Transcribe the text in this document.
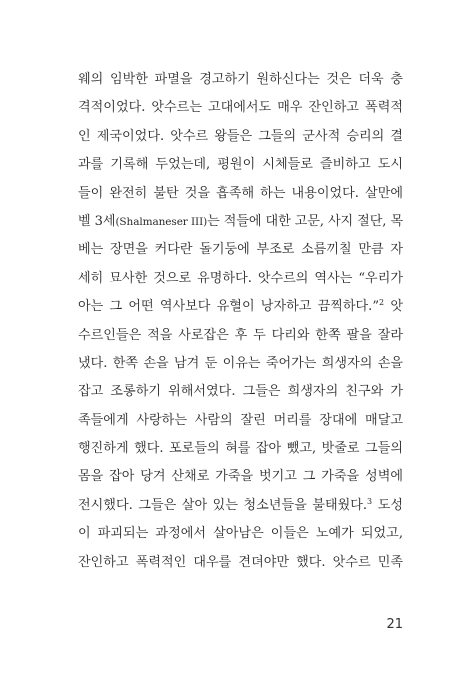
웨의 임박한 파멸을 경고하기 원하신다는 것은 더욱 충
격적이었다. 앗수르는 고대에서도 매우 잔인하고 폭력적
인 제국이었다. 앗수르 왕들은 그들의 군사적 승리의 결
과를 기록해 두었는데, 평원이 시체들로 즐비하고 도시
들이 완전히 불탄 것을 흡족해 하는 내용이었다. 살만에
벨 3세(Shalmaneser III)는 적들에 대한 고문, 사지 절단, 목
베는 장면을 커다란 돌기둥에 부조로 소름끼칠 만큼 자
세히 묘사한 것으로 유명하다. 앗수르의 역사는 “우리가
아는 그 어떤 역사보다 유혈이 낭자하고 끔찍하다.”$^2$ 앗
수르인들은 적을 사로잡은 후 두 다리와 한쪽 팔을 잘라
냈다. 한쪽 손을 남겨 둔 이유는 죽어가는 희생자의 손을
잡고 조롱하기 위해서였다. 그들은 희생자의 친구와 가
족들에게 사랑하는 사람의 잘린 머리를 장대에 매달고
행진하게 했다. 포로들의 혀를 잡아 뺐고, 밧줄로 그들의
몸을 잡아 당겨 산채로 가죽을 벗기고 그 가죽을 성벽에
전시했다. 그들은 살아 있는 청소년들을 불태웠다.$^3$ 도성
이 파괴되는 과정에서 살아남은 이들은 노예가 되었고,
잔인하고 폭력적인 대우를 견뎌야만 했다. 앗수르 민족
21
